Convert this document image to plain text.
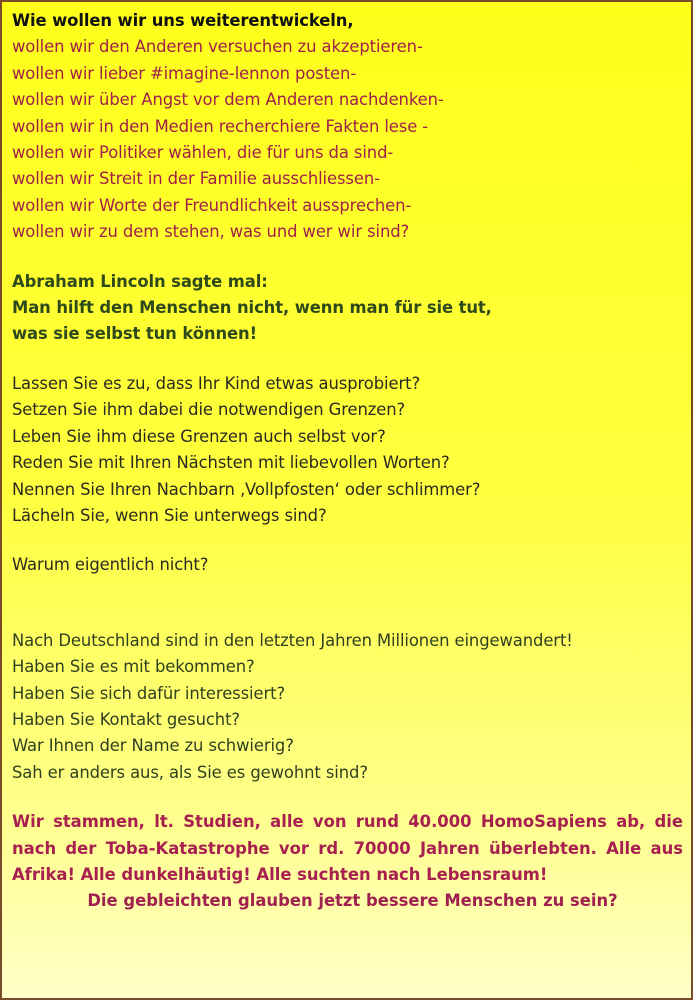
Wie wollen wir uns weiterentwickeln,
wollen wir den Anderen versuchen zu akzeptieren-
wollen wir lieber #imagine-lennon posten-
wollen wir über Angst vor dem Anderen nachdenken-
wollen wir in den Medien recherchiere Fakten lese -
wollen wir Politiker wählen, die für uns da sind-
wollen wir Streit in der Familie ausschliessen-
wollen wir Worte der Freundlichkeit aussprechen-
wollen wir zu dem stehen, was und wer wir sind?
Abraham Lincoln sagte mal:
Man hilft den Menschen nicht, wenn man für sie tut,
was sie selbst tun können!
Lassen Sie es zu, dass Ihr Kind etwas ausprobiert?
Setzen Sie ihm dabei die notwendigen Grenzen?
Leben Sie ihm diese Grenzen auch selbst vor?
Reden Sie mit Ihren Nächsten mit liebevollen Worten?
Nennen Sie Ihren Nachbarn ‚Vollpfosten‘ oder schlimmer?
Lächeln Sie, wenn Sie unterwegs sind?
Warum eigentlich nicht?
Nach Deutschland sind in den letzten Jahren Millionen eingewandert!
Haben Sie es mit bekommen?
Haben Sie sich dafür interessiert?
Haben Sie Kontakt gesucht?
War Ihnen der Name zu schwierig?
Sah er anders aus, als Sie es gewohnt sind?

Wir stammen, lt. Studien, alle von rund 40.000 HomoSapiens ab, die

nach der Toba-Katastrophe vor rd. 70000 Jahren überlebten. Alle aus

Afrika! Alle dunkelhäutig! Alle suchten nach Lebensraum!

Die gebleichten glauben jetzt bessere Menschen zu sein?
